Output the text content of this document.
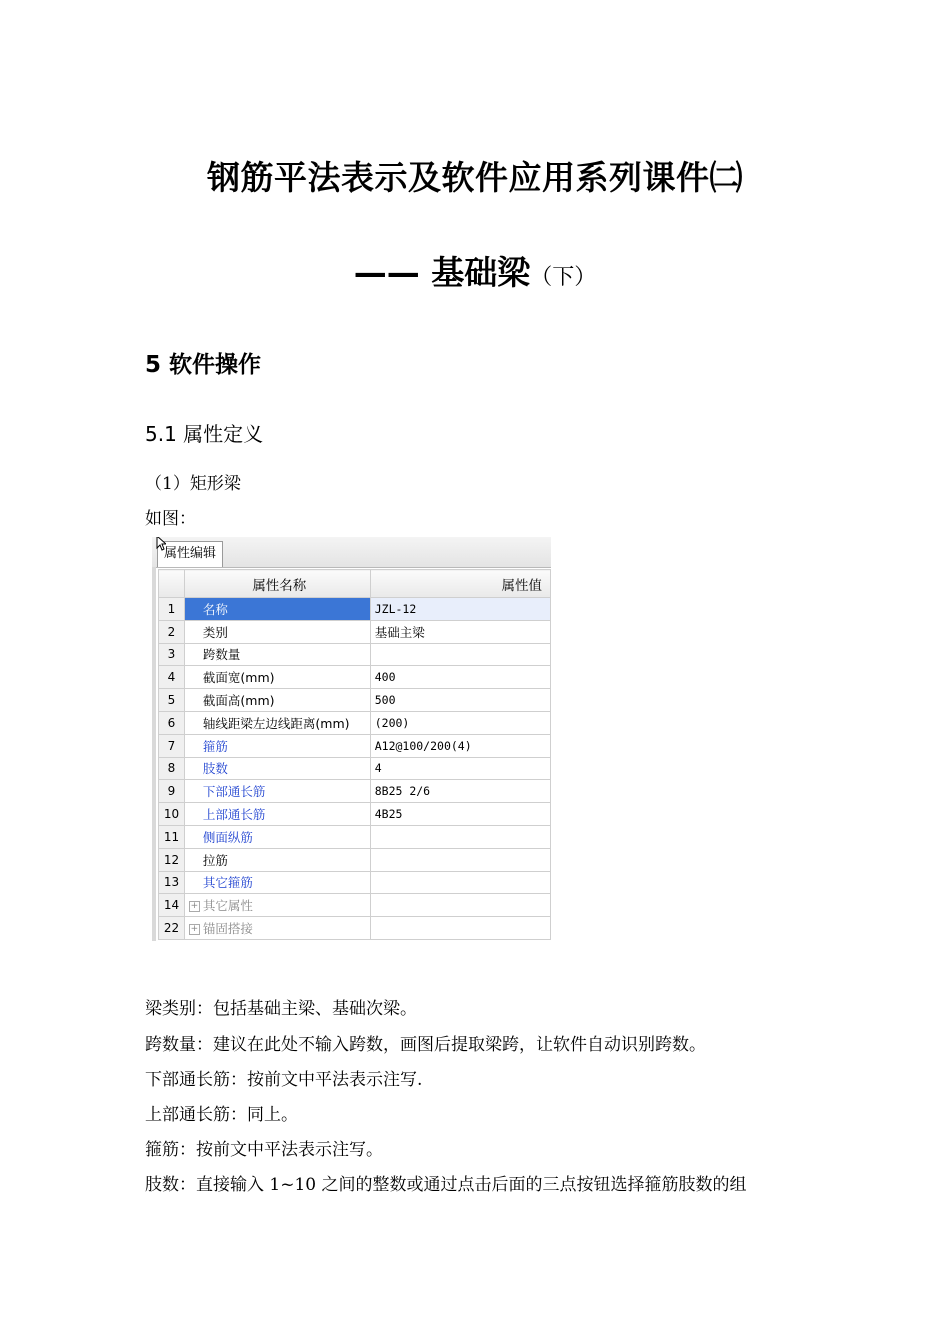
钢筋平法表示及软件应用系列课件㈡
—— 基础梁（下）
5 软件操作
5.1 属性定义
（1）矩形梁
如图：
属性编辑
	属性名称	属性值
1	名称	JZL-12
2	类别	基础主梁
3	跨数量	
4	截面宽(mm)	400
5	截面高(mm)	500
6	轴线距梁左边线距离(mm)	(200)
7	箍筋	A12@100/200(4)
8	肢数	4
9	下部通长筋	8B25 2/6
10	上部通长筋	4B25
11	侧面纵筋	
12	拉筋	
13	其它箍筋	
14	+ 其它属性	
22	+ 锚固搭接	
梁类别：包括基础主梁、基础次梁。
跨数量：建议在此处不输入跨数，画图后提取梁跨，让软件自动识别跨数。
下部通长筋：按前文中平法表示注写.
上部通长筋：同上。
箍筋：按前文中平法表示注写。
肢数：直接输入 1~10 之间的整数或通过点击后面的三点按钮选择箍筋肢数的组
